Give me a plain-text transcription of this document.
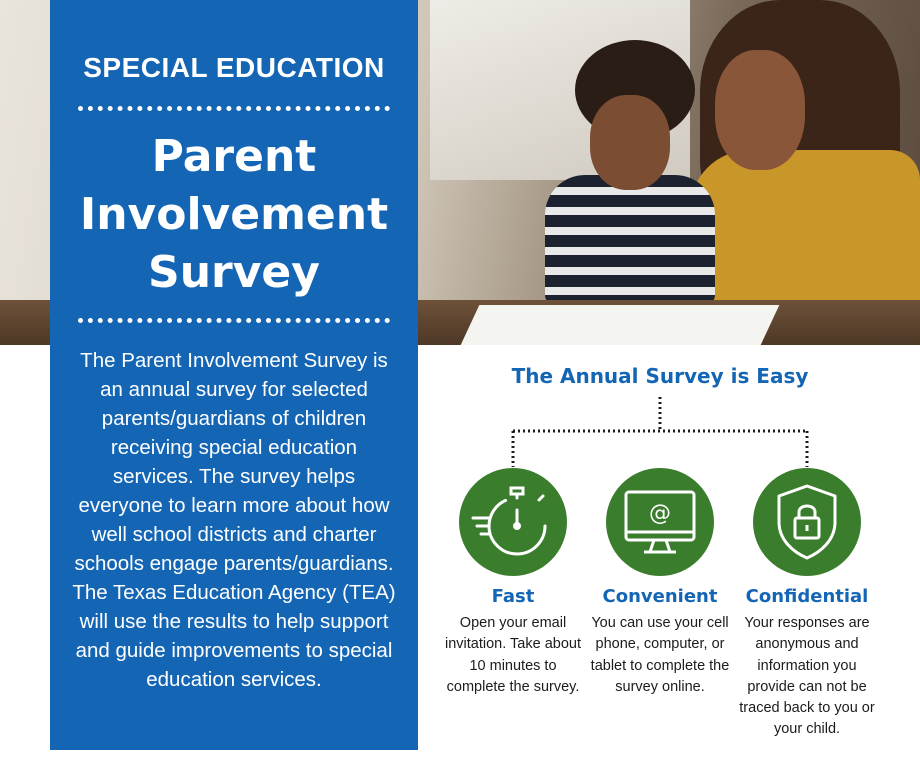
SPECIAL EDUCATION
Parent
Involvement
Survey
The Parent Involvement Survey is an annual survey for selected parents/guardians of children receiving special education services. The survey helps everyone to learn more about how well school districts and charter schools engage parents/guardians. The Texas Education Agency (TEA) will use the results to help support and guide improvements to special education services.
The Annual Survey is Easy
Fast
Open your email invitation. Take about 10 minutes to complete the survey.
@
Convenient
You can use your cell phone, computer, or tablet to complete the survey online.
Confidential
Your responses are anonymous and information you provide can not be traced back to you or your child.
